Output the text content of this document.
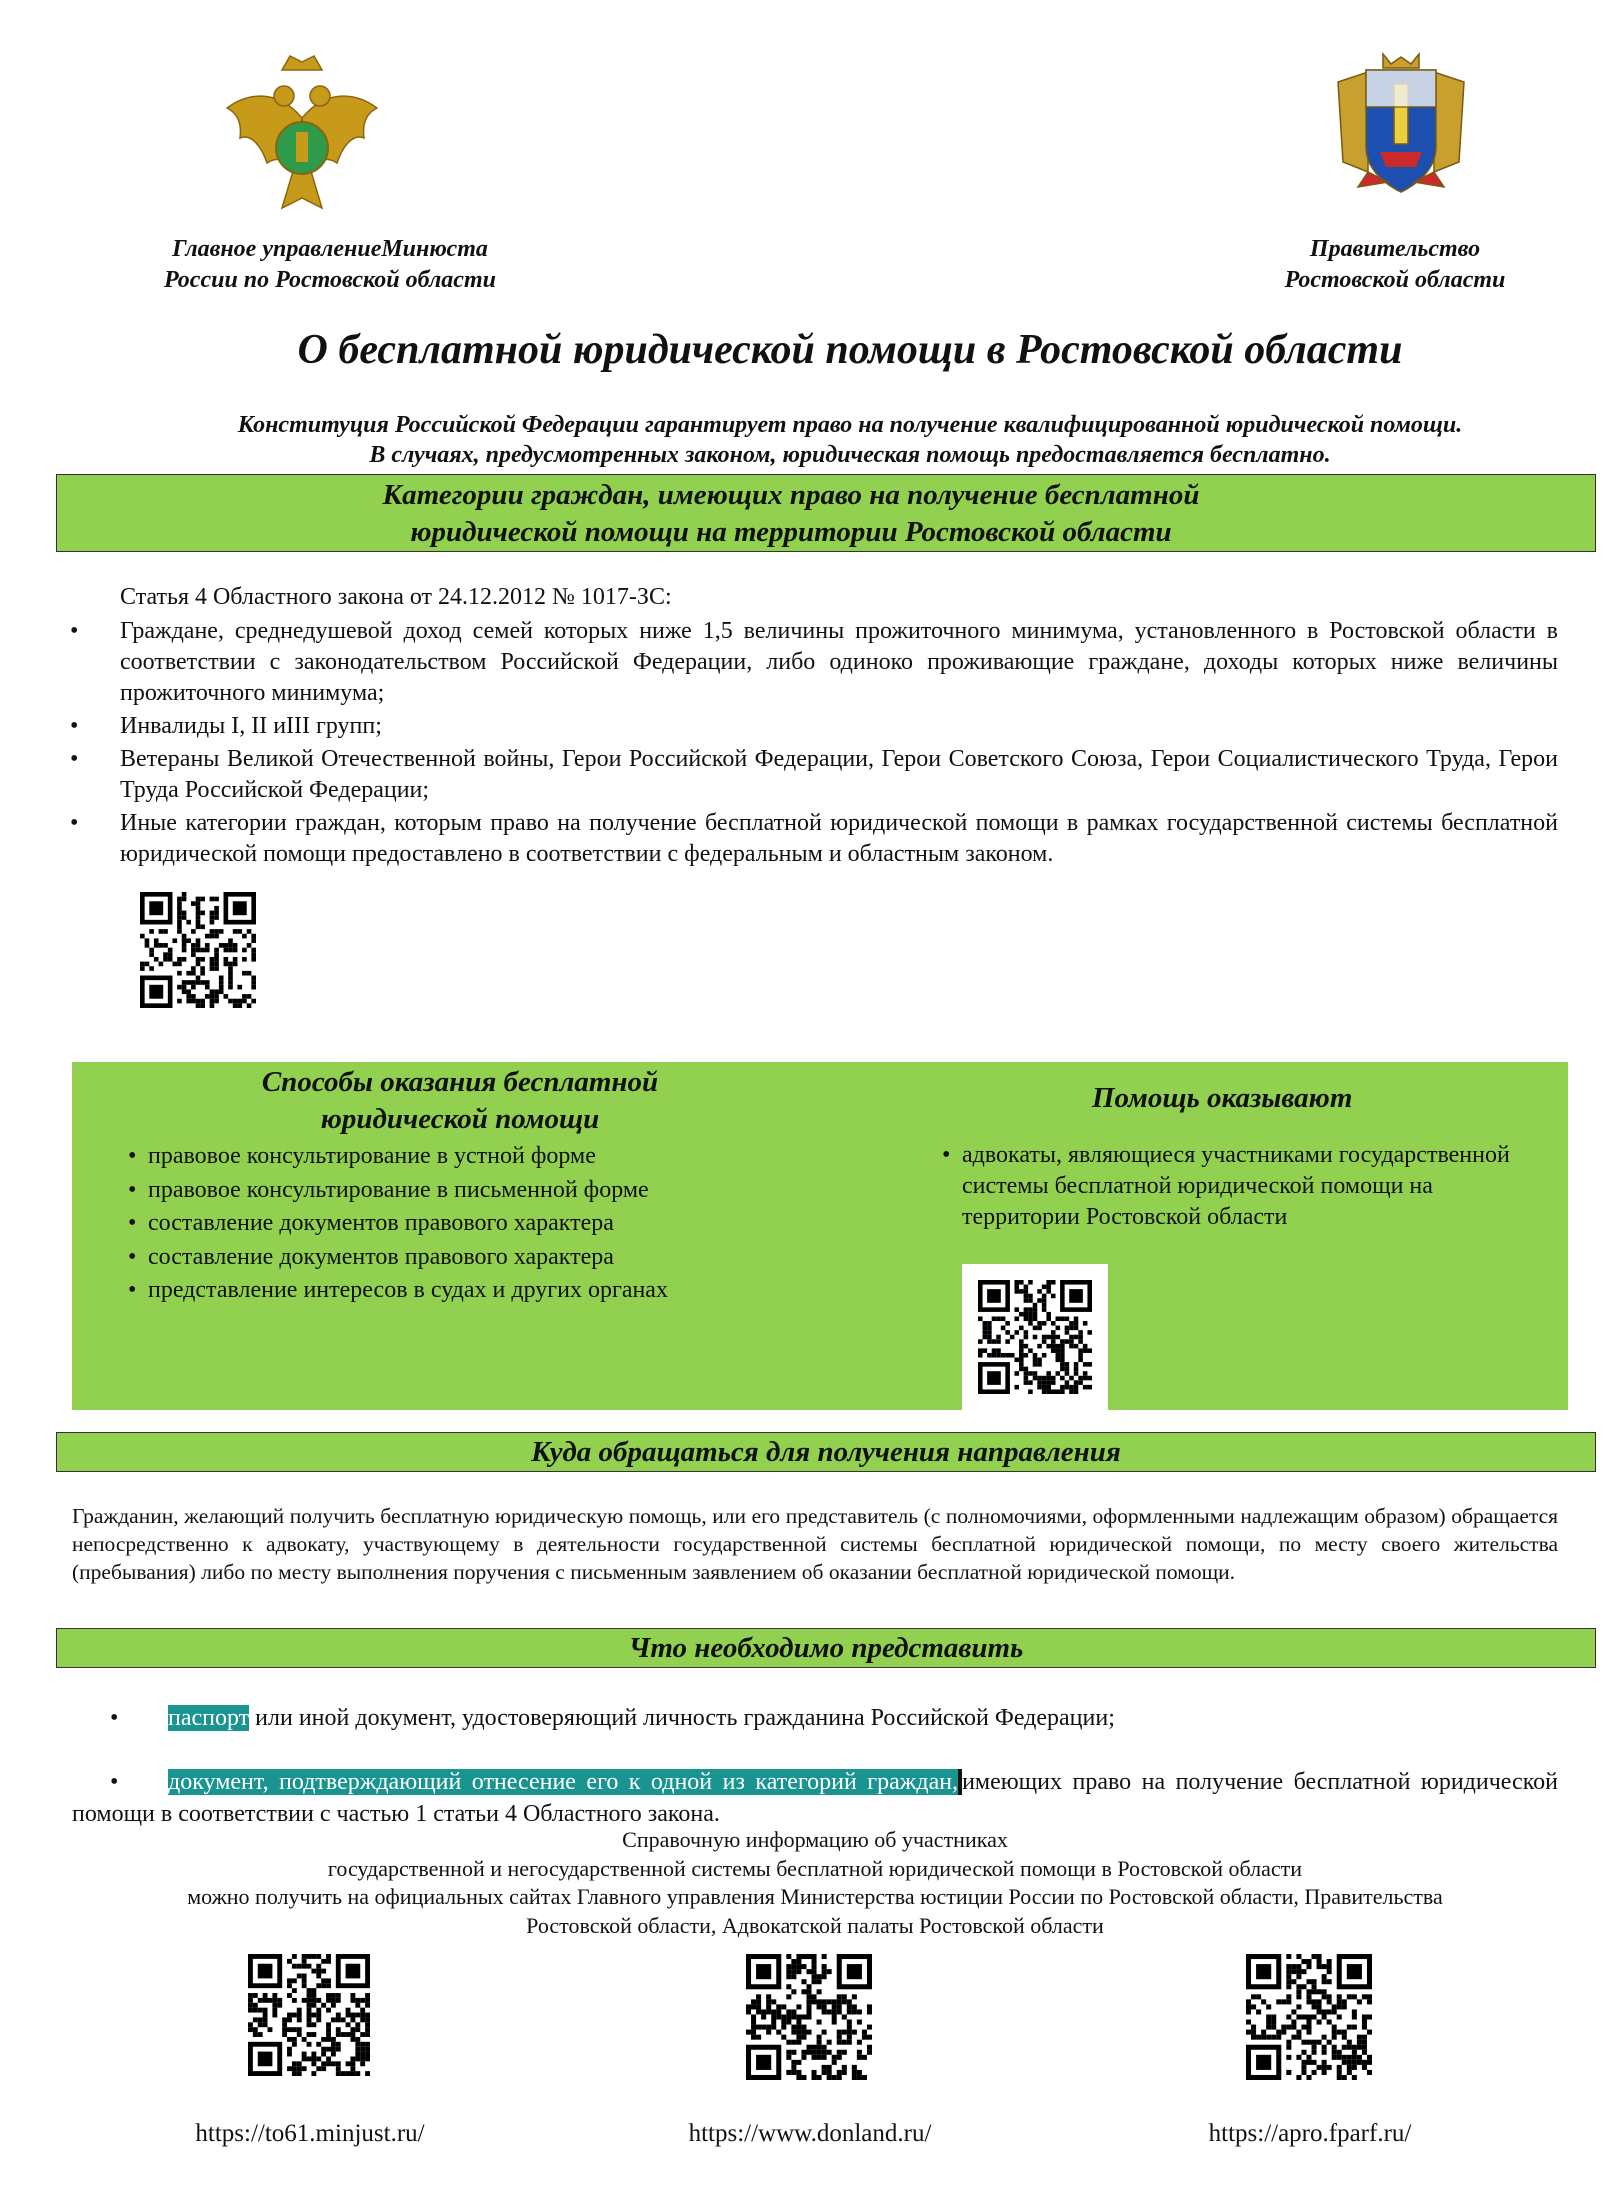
Главное управлениеМинюста
России по Ростовской области
Правительство
Ростовской области
О бесплатной юридической помощи в Ростовской области
Конституция Российской Федерации гарантирует право на получение квалифицированной юридической помощи.
В случаях, предусмотренных законом, юридическая помощь предоставляется бесплатно.
Категории граждан, имеющих право на получение бесплатной
юридической помощи на территории Ростовской области
Статья 4 Областного закона от 24.12.2012 № 1017-ЗС:
• Граждане, среднедушевой доход семей которых ниже 1,5 величины прожиточного минимума, установленного в Ростовской области в соответствии с законодательством Российской Федерации, либо одиноко проживающие граждане, доходы которых ниже величины прожиточного минимума;
• Инвалиды I, II иIII групп;
• Ветераны Великой Отечественной войны, Герои Российской Федерации, Герои Советского Союза, Герои Социалистического Труда, Герои Труда Российской Федерации;
• Иные категории граждан, которым право на получение бесплатной юридической помощи в рамках государственной системы бесплатной юридической помощи предоставлено в соответствии с федеральным и областным законом.
Способы оказания бесплатной
юридической помощи
• правовое консультирование в устной форме
• правовое консультирование в письменной форме
• составление документов правового характера
• составление документов правового характера
• представление интересов в судах и других органах
Помощь оказывают
• адвокаты, являющиеся участниками государственной системы бесплатной юридической помощи на территории Ростовской области
Куда обращаться для получения направления
Гражданин, желающий получить бесплатную юридическую помощь, или его представитель (с полномочиями, оформленными надлежащим образом) обращается непосредственно к адвокату, участвующему в деятельности государственной системы бесплатной юридической помощи, по месту своего жительства (пребывания) либо по месту выполнения поручения с письменным заявлением об оказании бесплатной юридической помощи.
Что необходимо представить
• паспорт или иной документ, удостоверяющий личность гражданина Российской Федерации;
• документ, подтверждающий отнесение его к одной из категорий граждан, имеющих право на получение бесплатной юридической помощи в соответствии с частью 1 статьи 4 Областного закона.
Справочную информацию об участниках
государственной и негосударственной системы бесплатной юридической помощи в Ростовской области
можно получить на официальных сайтах Главного управления Министерства юстиции России по Ростовской области, Правительства
Ростовской области, Адвокатской палаты Ростовской области
https://to61.minjust.ru/	https://www.donland.ru/	https://apro.fparf.ru/
